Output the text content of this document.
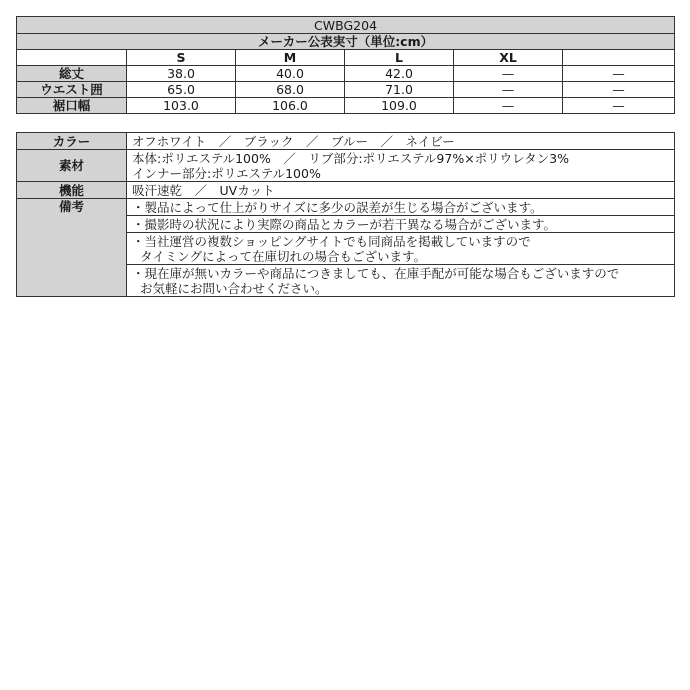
CWBG204					
メーカー公表実寸（単位:cm）					
	S	M	L	XL	
総丈	38.0	40.0	42.0	—	—
ウエスト囲	65.0	68.0	71.0	—	—
裾口幅	103.0	106.0	109.0	—	—
カラー	オフホワイト　／　ブラック　／　ブルー　／　ネイビー
素材	本体:ポリエステル100%　／　リブ部分:ポリエステル97%×ポリウレタン3%
インナー部分:ポリエステル100%

機能	吸汗速乾　／　UVカット
備考	・製品によって仕上がりサイズに多少の誤差が生じる場合がございます。

	・撮影時の状況により実際の商品とカラーが若干異なる場合がございます。

	・当社運営の複数ショッピングサイトでも同商品を掲載していますので
タイミングによって在庫切れの場合もございます。

	・現在庫が無いカラーや商品につきましても、在庫手配が可能な場合もございますので
お気軽にお問い合わせください。
